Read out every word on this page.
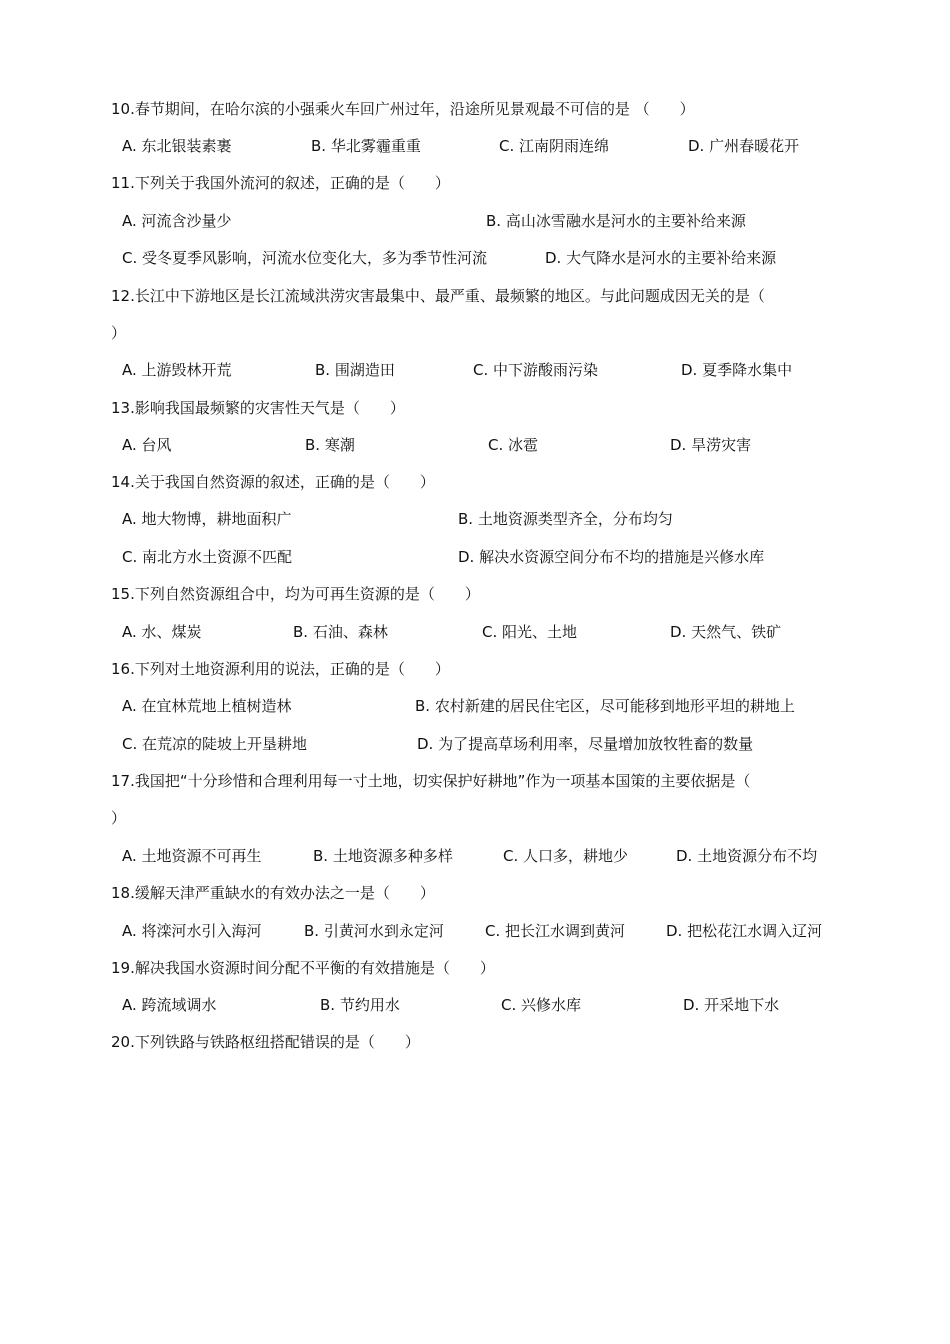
10.春节期间，在哈尔滨的小强乘火车回广州过年，沿途所见景观最不可信的是 （　　）
A. 东北银装素裹	B. 华北雾霾重重	C. 江南阴雨连绵	D. 广州春暖花开
11.下列关于我国外流河的叙述，正确的是（　　）
A. 河流含沙量少	B. 高山冰雪融水是河水的主要补给来源
C. 受冬夏季风影响，河流水位变化大，多为季节性河流	D. 大气降水是河水的主要补给来源
12.长江中下游地区是长江流域洪涝灾害最集中、最严重、最频繁的地区。与此问题成因无关的是（
）
A. 上游毁林开荒	B. 围湖造田	C. 中下游酸雨污染	D. 夏季降水集中
13.影响我国最频繁的灾害性天气是（　　）
A. 台风	B. 寒潮	C. 冰雹	D. 旱涝灾害
14.关于我国自然资源的叙述，正确的是（　　）
A. 地大物博，耕地面积广	B. 土地资源类型齐全，分布均匀
C. 南北方水土资源不匹配	D. 解决水资源空间分布不均的措施是兴修水库
15.下列自然资源组合中，均为可再生资源的是（　　）
A. 水、煤炭	B. 石油、森林	C. 阳光、土地	D. 天然气、铁矿
16.下列对土地资源利用的说法，正确的是（　　）
A. 在宜林荒地上植树造林	B. 农村新建的居民住宅区，尽可能移到地形平坦的耕地上
C. 在荒凉的陡坡上开垦耕地	D. 为了提高草场利用率，尽量增加放牧牲畜的数量
17.我国把“十分珍惜和合理利用每一寸土地，切实保护好耕地”作为一项基本国策的主要依据是（
）
A. 土地资源不可再生	B. 土地资源多种多样	C. 人口多，耕地少	D. 土地资源分布不均
18.缓解天津严重缺水的有效办法之一是（　　）
A. 将滦河水引入海河	B. 引黄河水到永定河	C. 把长江水调到黄河	D. 把松花江水调入辽河
19.解决我国水资源时间分配不平衡的有效措施是（　　）
A. 跨流域调水	B. 节约用水	C. 兴修水库	D. 开采地下水
20.下列铁路与铁路枢纽搭配错误的是（　　）
